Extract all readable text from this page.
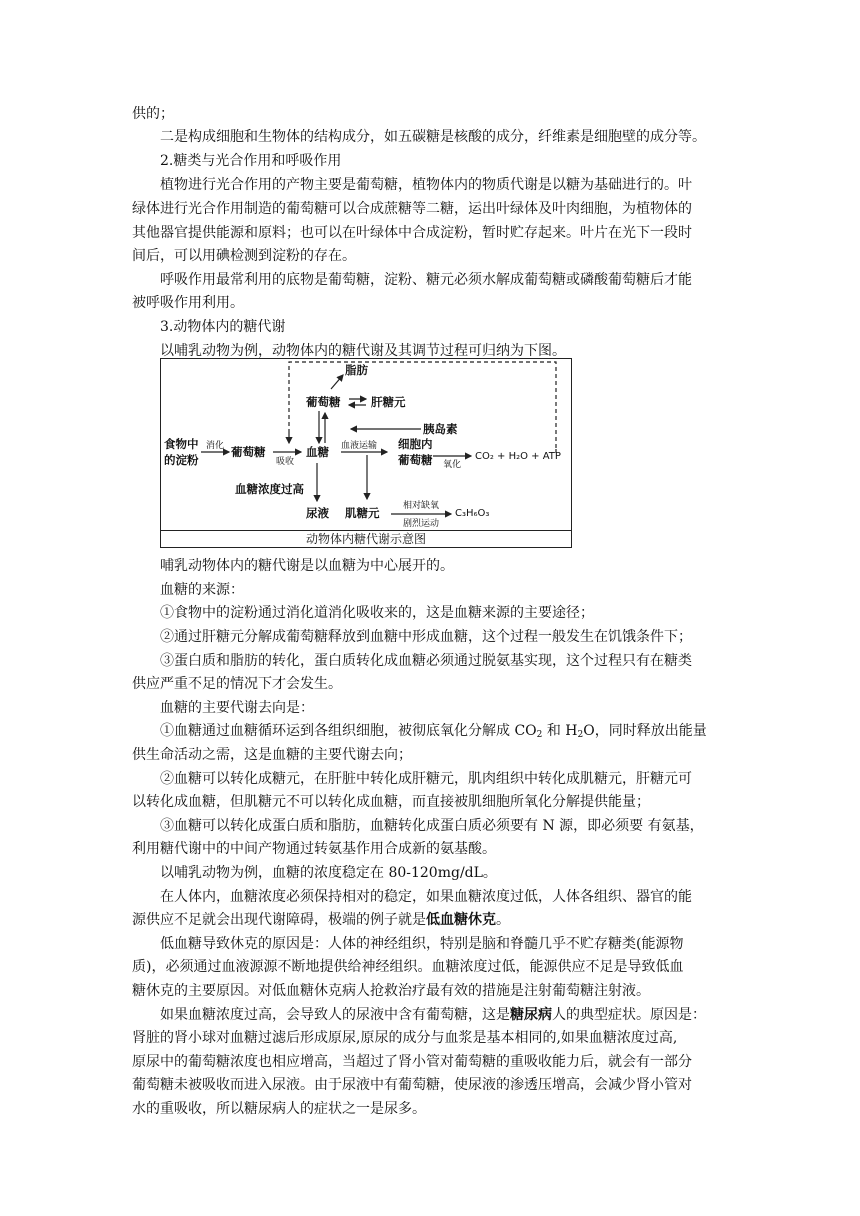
供的；
二是构成细胞和生物体的结构成分，如五碳糖是核酸的成分，纤维素是细胞壁的成分等。
2.糖类与光合作用和呼吸作用
植物进行光合作用的产物主要是葡萄糖，植物体内的物质代谢是以糖为基础进行的。叶
绿体进行光合作用制造的葡萄糖可以合成蔗糖等二糖，运出叶绿体及叶肉细胞，为植物体的
其他器官提供能源和原料；也可以在叶绿体中合成淀粉，暂时贮存起来。叶片在光下一段时
间后，可以用碘检测到淀粉的存在。
呼吸作用最常利用的底物是葡萄糖，淀粉、糖元必须水解成葡萄糖或磷酸葡萄糖后才能
被呼吸作用利用。
3.动物体内的糖代谢
以哺乳动物为例，动物体内的糖代谢及其调节过程可归纳为下图。
脂肪
葡萄糖	肝糖元
胰岛素
食物中
的淀粉
消化 葡萄糖
吸收
血糖 血液运输 细胞内
葡萄糖 氧化
CO₂ + H₂O + ATP
血糖浓度过高
尿液 肌糖元	相对缺氧
剧烈运动
C₃H₆O₃
动物体内糖代谢示意图
哺乳动物体内的糖代谢是以血糖为中心展开的。
血糖的来源：
①食物中的淀粉通过消化道消化吸收来的，这是血糖来源的主要途径；
②通过肝糖元分解成葡萄糖释放到血糖中形成血糖，这个过程一般发生在饥饿条件下；
③蛋白质和脂肪的转化，蛋白质转化成血糖必须通过脱氨基实现，这个过程只有在糖类
供应严重不足的情况下才会发生。
血糖的主要代谢去向是：
①血糖通过血糖循环运到各组织细胞，被彻底氧化分解成 $CO_2$ 和 $H_2O$，同时释放出能量
供生命活动之需，这是血糖的主要代谢去向；
②血糖可以转化成糖元，在肝脏中转化成肝糖元，肌肉组织中转化成肌糖元，肝糖元可
以转化成血糖，但肌糖元不可以转化成血糖，而直接被肌细胞所氧化分解提供能量；
③血糖可以转化成蛋白质和脂肪，血糖转化成蛋白质必须要有 N 源，即必须要 有氨基，
利用糖代谢中的中间产物通过转氨基作用合成新的氨基酸。
以哺乳动物为例，血糖的浓度稳定在 80-120mg/dL。
在人体内，血糖浓度必须保持相对的稳定，如果血糖浓度过低，人体各组织、器官的能
源供应不足就会出现代谢障碍，极端的例子就是低血糖休克。
低血糖导致休克的原因是：人体的神经组织，特别是脑和脊髓几乎不贮存糖类(能源物
质)，必须通过血液源源不断地提供给神经组织。血糖浓度过低，能源供应不足是导致低血
糖休克的主要原因。对低血糖休克病人抢救治疗最有效的措施是注射葡萄糖注射液。
如果血糖浓度过高，会导致人的尿液中含有葡萄糖，这是糖尿病人的典型症状。原因是：
肾脏的肾小球对血糖过滤后形成原尿,原尿的成分与血浆是基本相同的,如果血糖浓度过高,
原尿中的葡萄糖浓度也相应增高，当超过了肾小管对葡萄糖的重吸收能力后，就会有一部分
葡萄糖未被吸收而进入尿液。由于尿液中有葡萄糖，使尿液的渗透压增高，会减少肾小管对
水的重吸收，所以糖尿病人的症状之一是尿多。
